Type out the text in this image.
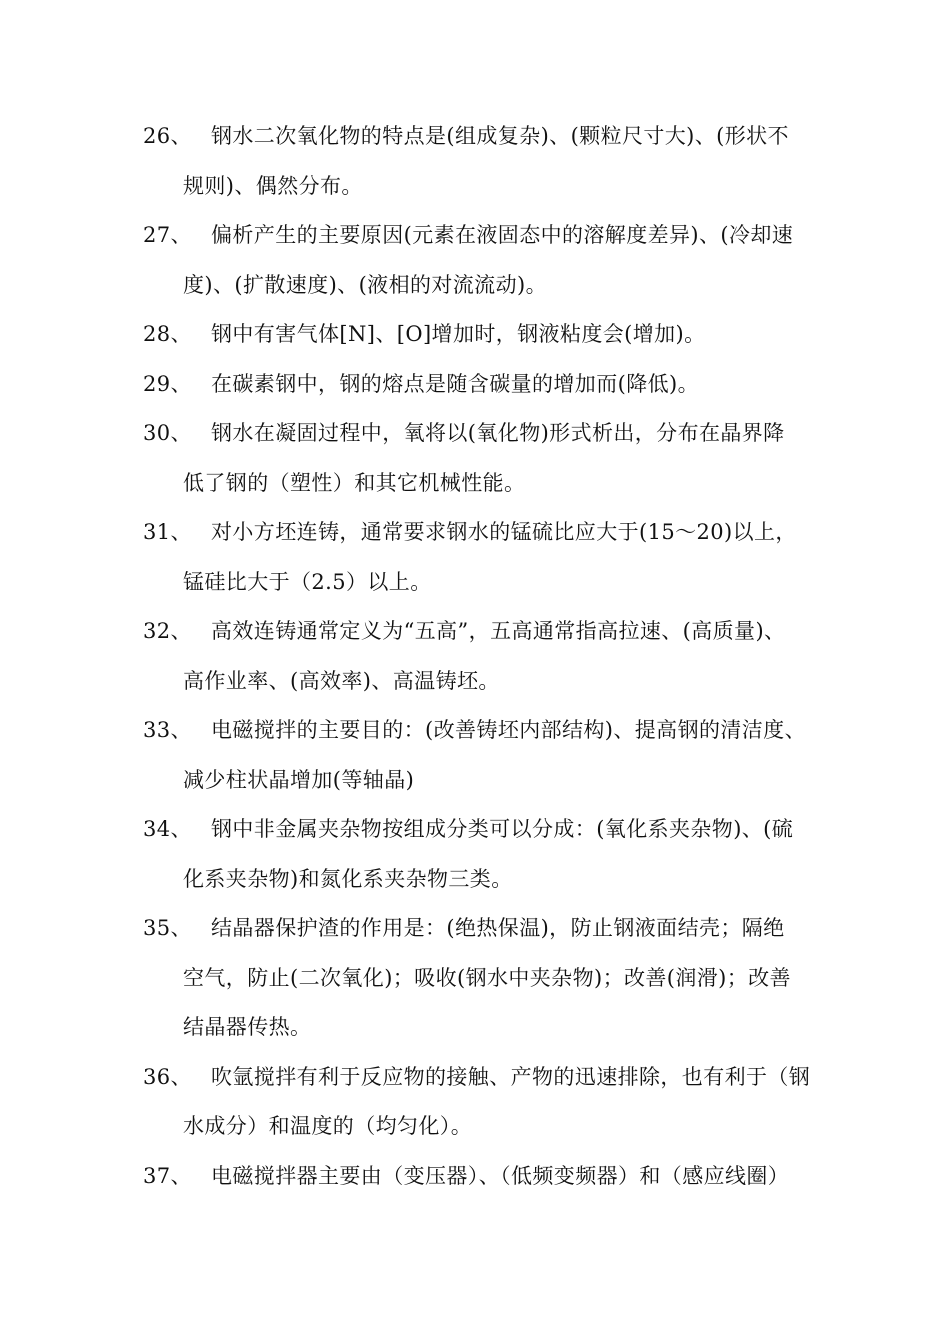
26、 钢水二次氧化物的特点是(组成复杂)、(颗粒尺寸大)、(形状不
规则)、偶然分布。
27、 偏析产生的主要原因(元素在液固态中的溶解度差异)、(冷却速
度)、(扩散速度)、(液相的对流流动)。
28、 钢中有害气体[N]、[O]增加时，钢液粘度会(增加)。
29、 在碳素钢中，钢的熔点是随含碳量的增加而(降低)。
30、 钢水在凝固过程中，氧将以(氧化物)形式析出，分布在晶界降
低了钢的（塑性）和其它机械性能。
31、 对小方坯连铸，通常要求钢水的锰硫比应大于(15～20)以上，
锰硅比大于（2.5）以上。
32、 高效连铸通常定义为“五高”，五高通常指高拉速、(高质量)、
高作业率、(高效率)、高温铸坯。
33、 电磁搅拌的主要目的：(改善铸坯内部结构)、提高钢的清洁度、
减少柱状晶增加(等轴晶)
34、 钢中非金属夹杂物按组成分类可以分成：(氧化系夹杂物)、(硫
化系夹杂物)和氮化系夹杂物三类。
35、 结晶器保护渣的作用是：(绝热保温)，防止钢液面结壳；隔绝
空气，防止(二次氧化)；吸收(钢水中夹杂物)；改善(润滑)；改善
结晶器传热。
36、 吹氩搅拌有利于反应物的接触、产物的迅速排除，也有利于（钢
水成分）和温度的（均匀化）。
37、 电磁搅拌器主要由（变压器）、（低频变频器）和（感应线圈）
